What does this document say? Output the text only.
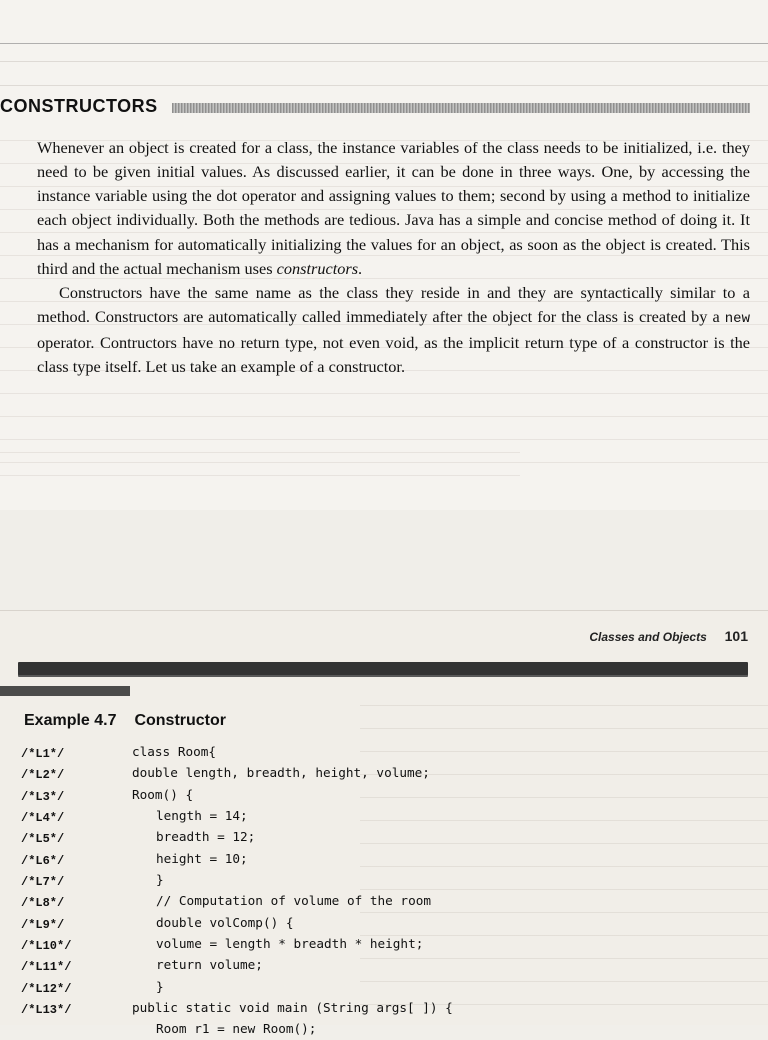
CONSTRUCTORS

Whenever an object is created for a class, the instance variables of the class needs to be initialized, i.e. they need to be given initial values. As discussed earlier, it can be done in three ways. One, by accessing the instance variable using the dot operator and assigning values to them; second by using a method to initialize each object individually. Both the methods are tedious. Java has a simple and concise method of doing it. It has a mechanism for automatically initializing the values for an object, as soon as the object is created. This third and the actual mechanism uses constructors.

Constructors have the same name as the class they reside in and they are syntactically similar to a method. Constructors are automatically called immediately after the object for the class is created by a new operator. Contructors have no return type, not even void, as the implicit return type of a constructor is the class type itself. Let us take an example of a constructor.

Classes and Objects 101
Example 4.7 Constructor
/*L1*/
/*L2*/
/*L3*/
/*L4*/
/*L5*/
/*L6*/
/*L7*/
/*L8*/
/*L9*/
/*L10*/
/*L11*/
/*L12*/
/*L13*/
class Room{
double length, breadth, height, volume;
Room() {
length = 14;
breadth = 12;
height = 10;
}
// Computation of volume of the room
double volComp() {
volume = length * breadth * height;
return volume;
}
public static void main (String args[ ]) {
Room r1 = new Room();
